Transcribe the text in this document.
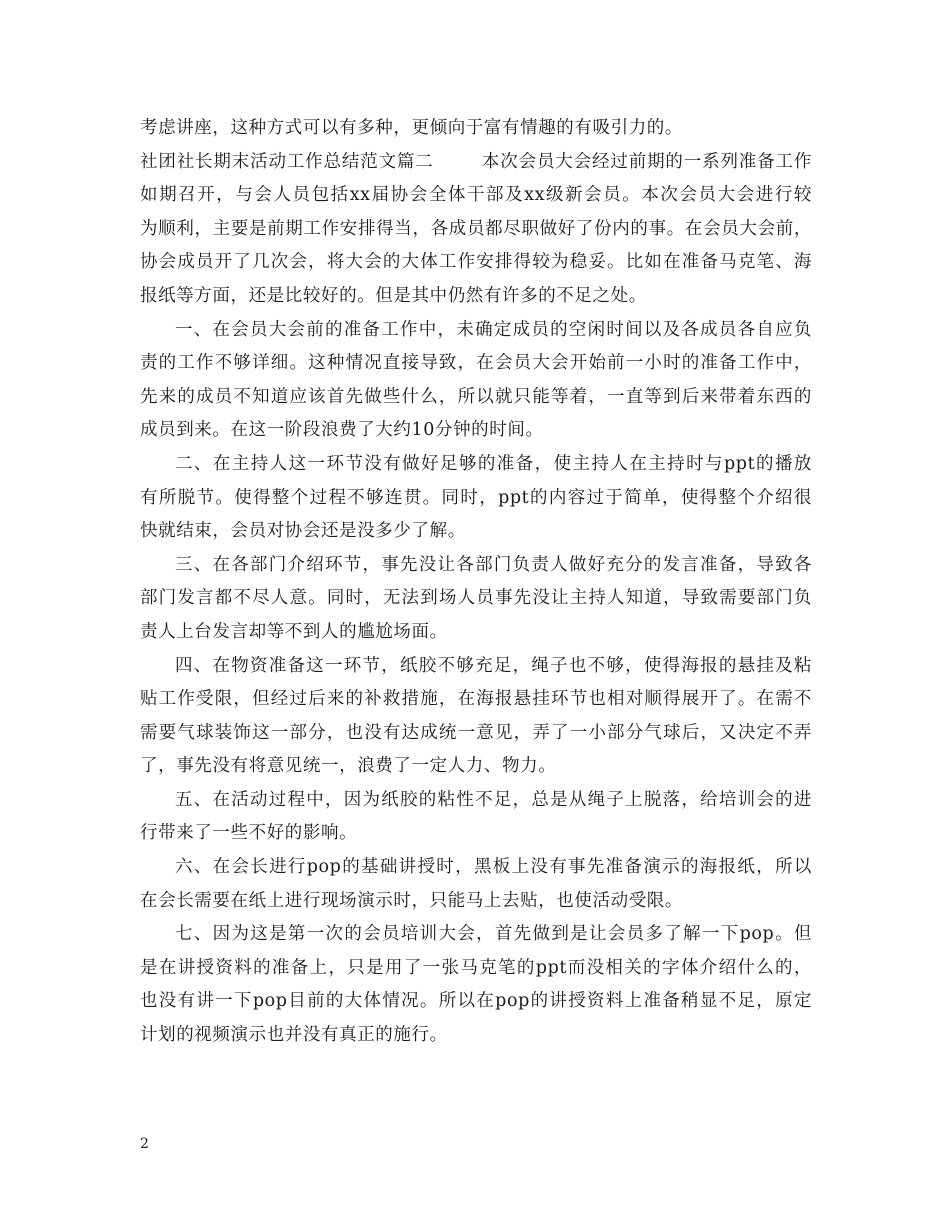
考虑讲座，这种方式可以有多种，更倾向于富有情趣的有吸引力的。
社团社长期末活动工作总结范文篇二	本次会员大会经过前期的一系列准备工作
如期召开，与会人员包括xx届协会全体干部及xx级新会员。本次会员大会进行较
为顺利，主要是前期工作安排得当，各成员都尽职做好了份内的事。在会员大会前，
协会成员开了几次会，将大会的大体工作安排得较为稳妥。比如在准备马克笔、海
报纸等方面，还是比较好的。但是其中仍然有许多的不足之处。
一、在会员大会前的准备工作中，未确定成员的空闲时间以及各成员各自应负
责的工作不够详细。这种情况直接导致，在会员大会开始前一小时的准备工作中，
先来的成员不知道应该首先做些什么，所以就只能等着，一直等到后来带着东西的
成员到来。在这一阶段浪费了大约10分钟的时间。
二、在主持人这一环节没有做好足够的准备，使主持人在主持时与ppt的播放
有所脱节。使得整个过程不够连贯。同时，ppt的内容过于简单，使得整个介绍很
快就结束，会员对协会还是没多少了解。
三、在各部门介绍环节，事先没让各部门负责人做好充分的发言准备，导致各
部门发言都不尽人意。同时，无法到场人员事先没让主持人知道，导致需要部门负
责人上台发言却等不到人的尴尬场面。
四、在物资准备这一环节，纸胶不够充足，绳子也不够，使得海报的悬挂及粘
贴工作受限，但经过后来的补救措施，在海报悬挂环节也相对顺得展开了。在需不
需要气球装饰这一部分，也没有达成统一意见，弄了一小部分气球后，又决定不弄
了，事先没有将意见统一，浪费了一定人力、物力。
五、在活动过程中，因为纸胶的粘性不足，总是从绳子上脱落，给培训会的进
行带来了一些不好的影响。
六、在会长进行pop的基础讲授时，黑板上没有事先准备演示的海报纸，所以
在会长需要在纸上进行现场演示时，只能马上去贴，也使活动受限。
七、因为这是第一次的会员培训大会，首先做到是让会员多了解一下pop。但
是在讲授资料的准备上，只是用了一张马克笔的ppt而没相关的字体介绍什么的，
也没有讲一下pop目前的大体情况。所以在pop的讲授资料上准备稍显不足，原定
计划的视频演示也并没有真正的施行。
2
